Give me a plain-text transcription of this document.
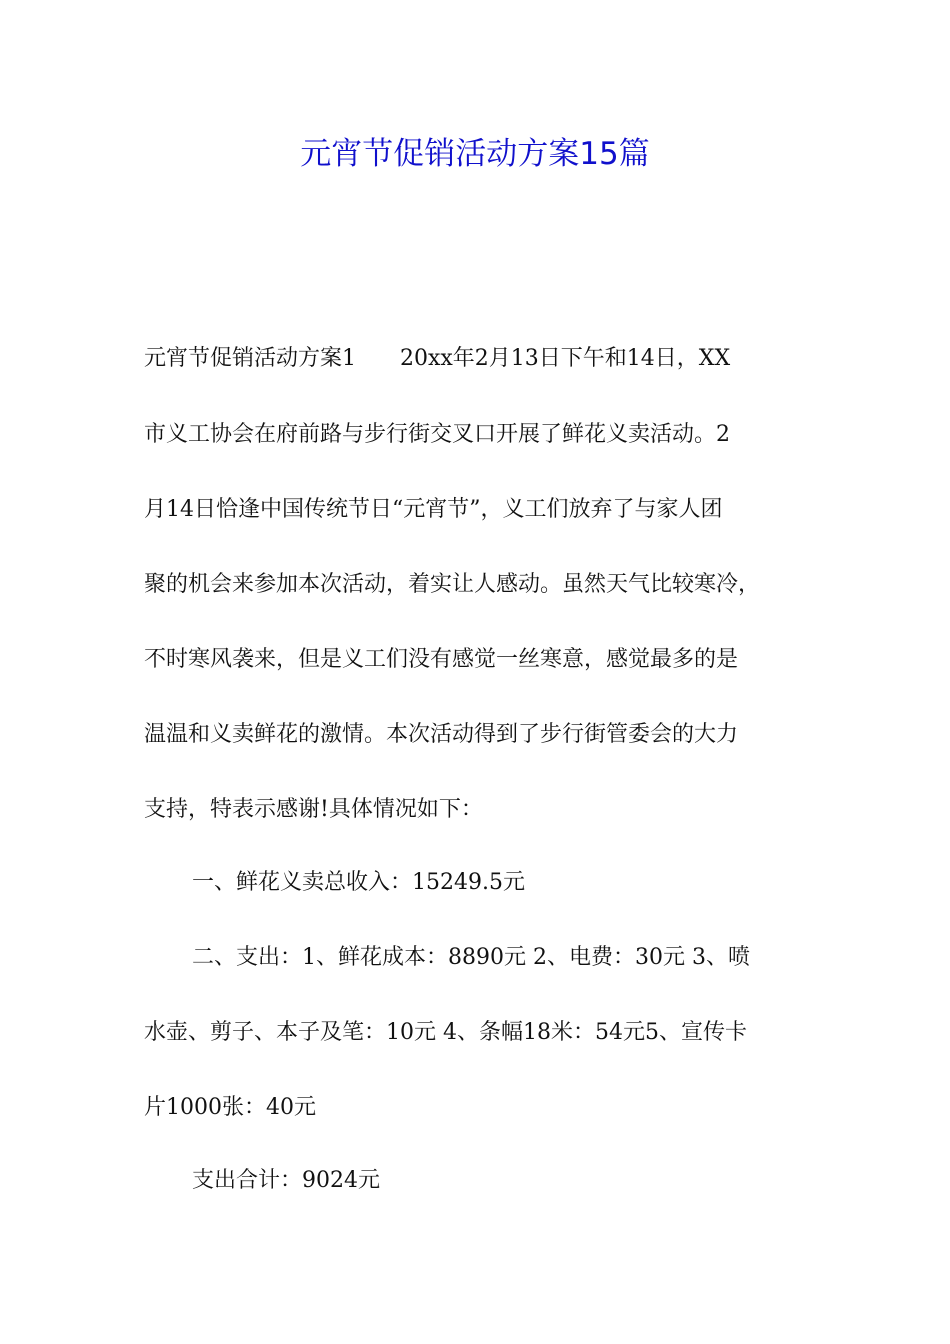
元宵节促销活动方案15篇

元宵节促销活动方案1　　20xx年2月13日下午和14日，XX

市义工协会在府前路与步行街交叉口开展了鲜花义卖活动。2

月14日恰逢中国传统节日“元宵节”，义工们放弃了与家人团

聚的机会来参加本次活动，着实让人感动。虽然天气比较寒冷，

不时寒风袭来，但是义工们没有感觉一丝寒意，感觉最多的是

温温和义卖鲜花的激情。本次活动得到了步行街管委会的大力

支持，特表示感谢!具体情况如下：

一、鲜花义卖总收入：15249.5元

二、支出：1、鲜花成本：8890元 2、电费：30元 3、喷

水壶、剪子、本子及笔：10元 4、条幅18米：54元5、宣传卡

片1000张：40元

支出合计：9024元
